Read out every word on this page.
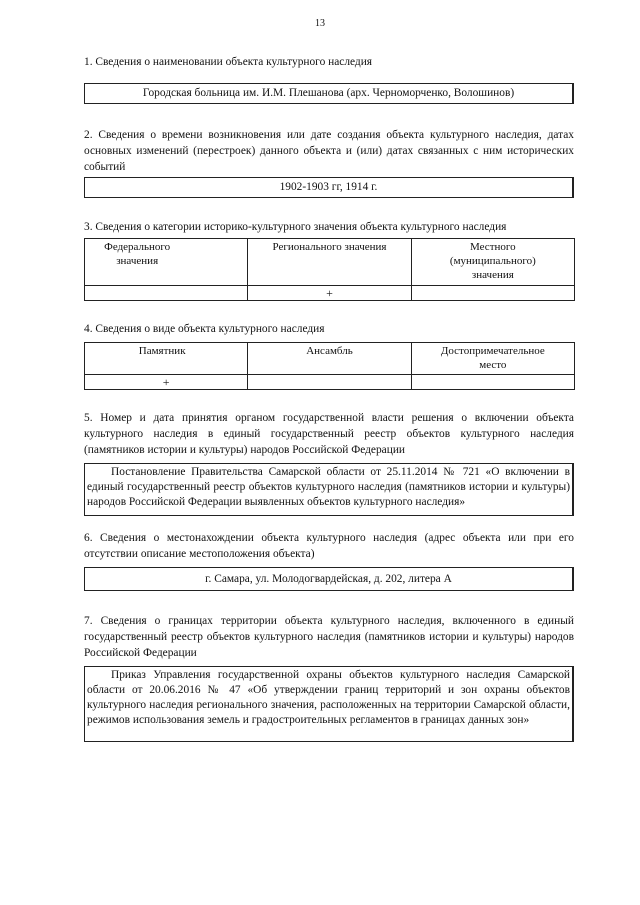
13
1. Сведения о наименовании объекта культурного наследия
Городская больница им. И.М. Плешанова (арх. Черноморченко, Волошинов)
2. Сведения о времени возникновения или дате создания объекта культурного наследия, датах основных изменений (перестроек) данного объекта и (или) датах связанных с ним исторических событий
1902-1903 гг, 1914 г.
3. Сведения о категории историко-культурного значения объекта культурного наследия
Федерального значения	Регионального значения	Местного (муниципального) значения
	+	
4. Сведения о виде объекта культурного наследия
Памятник	Ансамбль	Достопримечательное место
+		
5. Номер и дата принятия органом государственной власти решения о включении объекта культурного наследия в единый государственный реестр объектов культурного наследия (памятников истории и культуры) народов Российской Федерации
Постановление Правительства Самарской области от 25.11.2014 № 721 «О включении в единый государственный реестр объектов культурного наследия (памятников истории и культуры) народов Российской Федерации выявленных объектов культурного наследия»
6. Сведения о местонахождении объекта культурного наследия (адрес объекта или при его отсутствии описание местоположения объекта)
г. Самара, ул. Молодогвардейская, д. 202, литера А
7. Сведения о границах территории объекта культурного наследия, включенного в единый государственный реестр объектов культурного наследия (памятников истории и культуры) народов Российской Федерации
Приказ Управления государственной охраны объектов культурного наследия Самарской области от 20.06.2016 № 47 «Об утверждении границ территорий и зон охраны объектов культурного наследия регионального значения, расположенных на территории Самарской области, режимов использования земель и градостроительных регламентов в границах данных зон»
